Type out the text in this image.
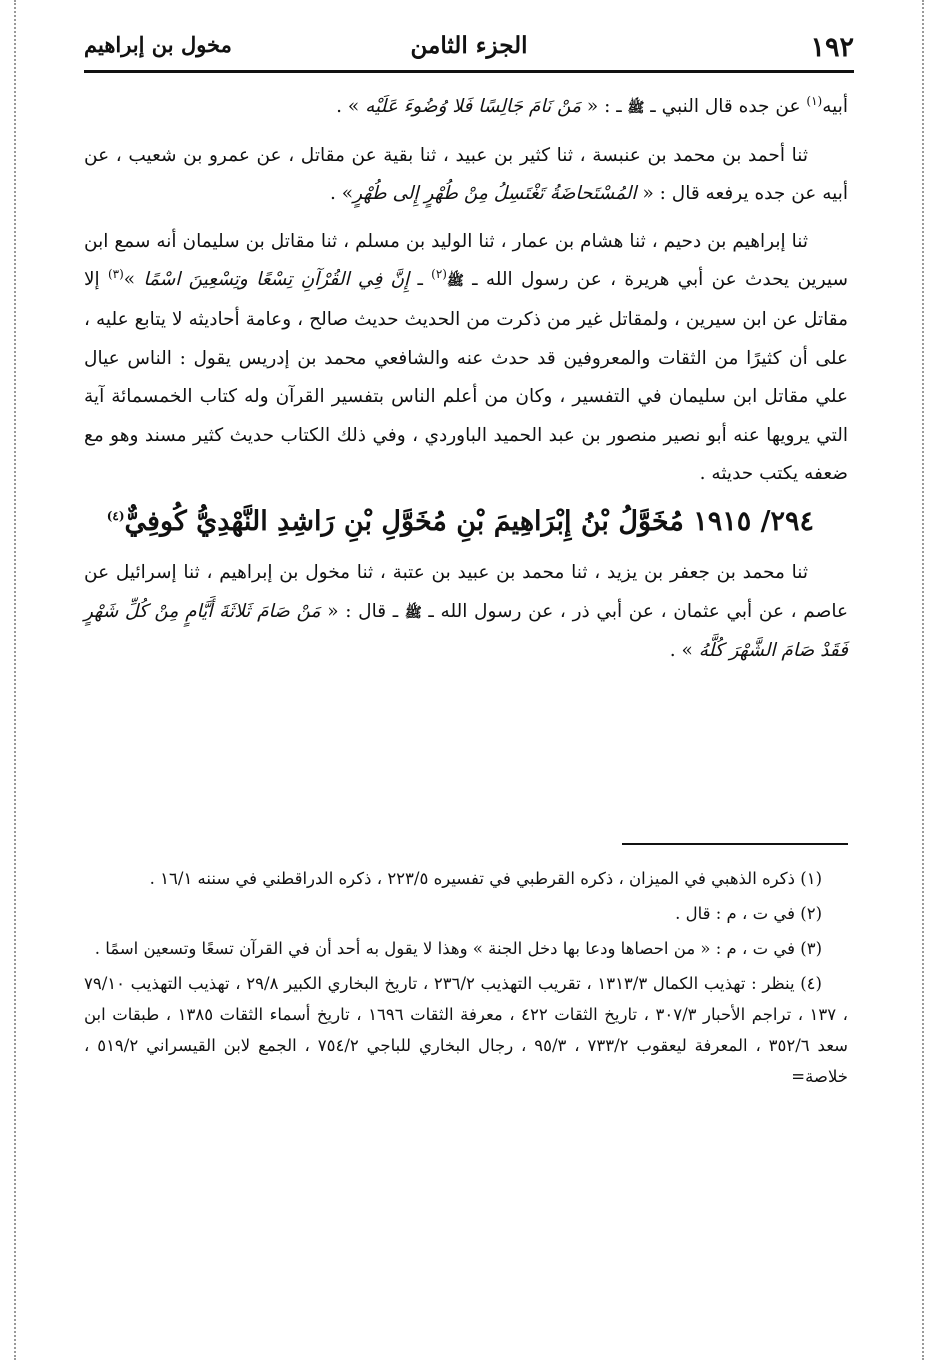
١٩٢
الجزء الثامن
مخول بن إبراهيم

أبيه$^{(١)}$ عن جده قال النبي ـ ﷺ ـ : « مَنْ نَامَ جَالِسًا فَلا وُضُوءَ عَلَيْه » .

ثنا أحمد بن محمد بن عنبسة ، ثنا كثير بن عبيد ، ثنا بقية عن مقاتل ، عن عمرو بن شعيب ، عن أبيه عن جده يرفعه قال : « المُسْتَحاضَةُ تَغْتَسِلُ مِنْ طُهْرٍ إِلى طُهْرٍ» .

ثنا إبراهيم بن دحيم ، ثنا هشام بن عمار ، ثنا الوليد بن مسلم ، ثنا مقاتل بن سليمان أنه سمع ابن سيرين يحدث عن أبي هريرة ، عن رسول الله ـ ﷺ$^{(٢)}$ ـ إِنَّ فِي القُرْآنِ تِسْعًا وتِسْعِينَ اسْمًا »$^{(٣)}$ إلا مقاتل عن ابن سيرين ، ولمقاتل غير من ذكرت من الحديث حديث صالح ، وعامة أحاديثه لا يتابع عليه ، على أن كثيرًا من الثقات والمعروفين قد حدث عنه والشافعي محمد بن إدريس يقول : الناس عيال علي مقاتل ابن سليمان في التفسير ، وكان من أعلم الناس بتفسير القرآن وله كتاب الخمسمائة آية التي يرويها عنه أبو نصير منصور بن عبد الحميد الباوردي ، وفي ذلك الكتاب حديث كثير مسند وهو مع ضعفه يكتب حديثه .

٢٩٤/ ١٩١٥ مُخَوَّلُ بْنُ إِبْرَاهِيمَ بْنِ مُخَوَّلِ بْنِ رَاشِدِ النَّهْدِيُّ كُوفِيٌّ$^{(٤)}$

ثنا محمد بن جعفر بن يزيد ، ثنا محمد بن عبيد بن عتبة ، ثنا مخول بن إبراهيم ، ثنا إسرائيل عن عاصم ، عن أبي عثمان ، عن أبي ذر ، عن رسول الله ـ ﷺ ـ قال : « مَنْ صَامَ ثَلاثَةَ أَيَّامٍ مِنْ كُلِّ شَهْرٍ فَقَدْ صَامَ الشَّهْرَ كُلَّهُ » .

(١) ذكره الذهبي في الميزان ، ذكره القرطبي في تفسيره ٢٢٣/٥ ، ذكره الدراقطني في سننه ١٦/١ .

(٢) في ت ، م : قال .

(٣) في ت ، م : « من احصاها ودعا بها دخل الجنة » وهذا لا يقول به أحد أن في القرآن تسعًا وتسعين اسمًا .

(٤) ينظر : تهذيب الكمال ١٣١٣/٣ ، تقريب التهذيب ٢٣٦/٢ ، تاريخ البخاري الكبير ٢٩/٨ ، تهذيب التهذيب ٧٩/١٠ ، ١٣٧ ، تراجم الأحبار ٣٠٧/٣ ، تاريخ الثقات ٤٢٢ ، معرفة الثقات ١٦٩٦ ، تاريخ أسماء الثقات ١٣٨٥ ، طبقات ابن سعد ٣٥٢/٦ ، المعرفة ليعقوب ٧٣٣/٢ ، ٩٥/٣ ، رجال البخاري للباجي ٧٥٤/٢ ، الجمع لابن القيسراني ٥١٩/٢ ، خلاصة=
